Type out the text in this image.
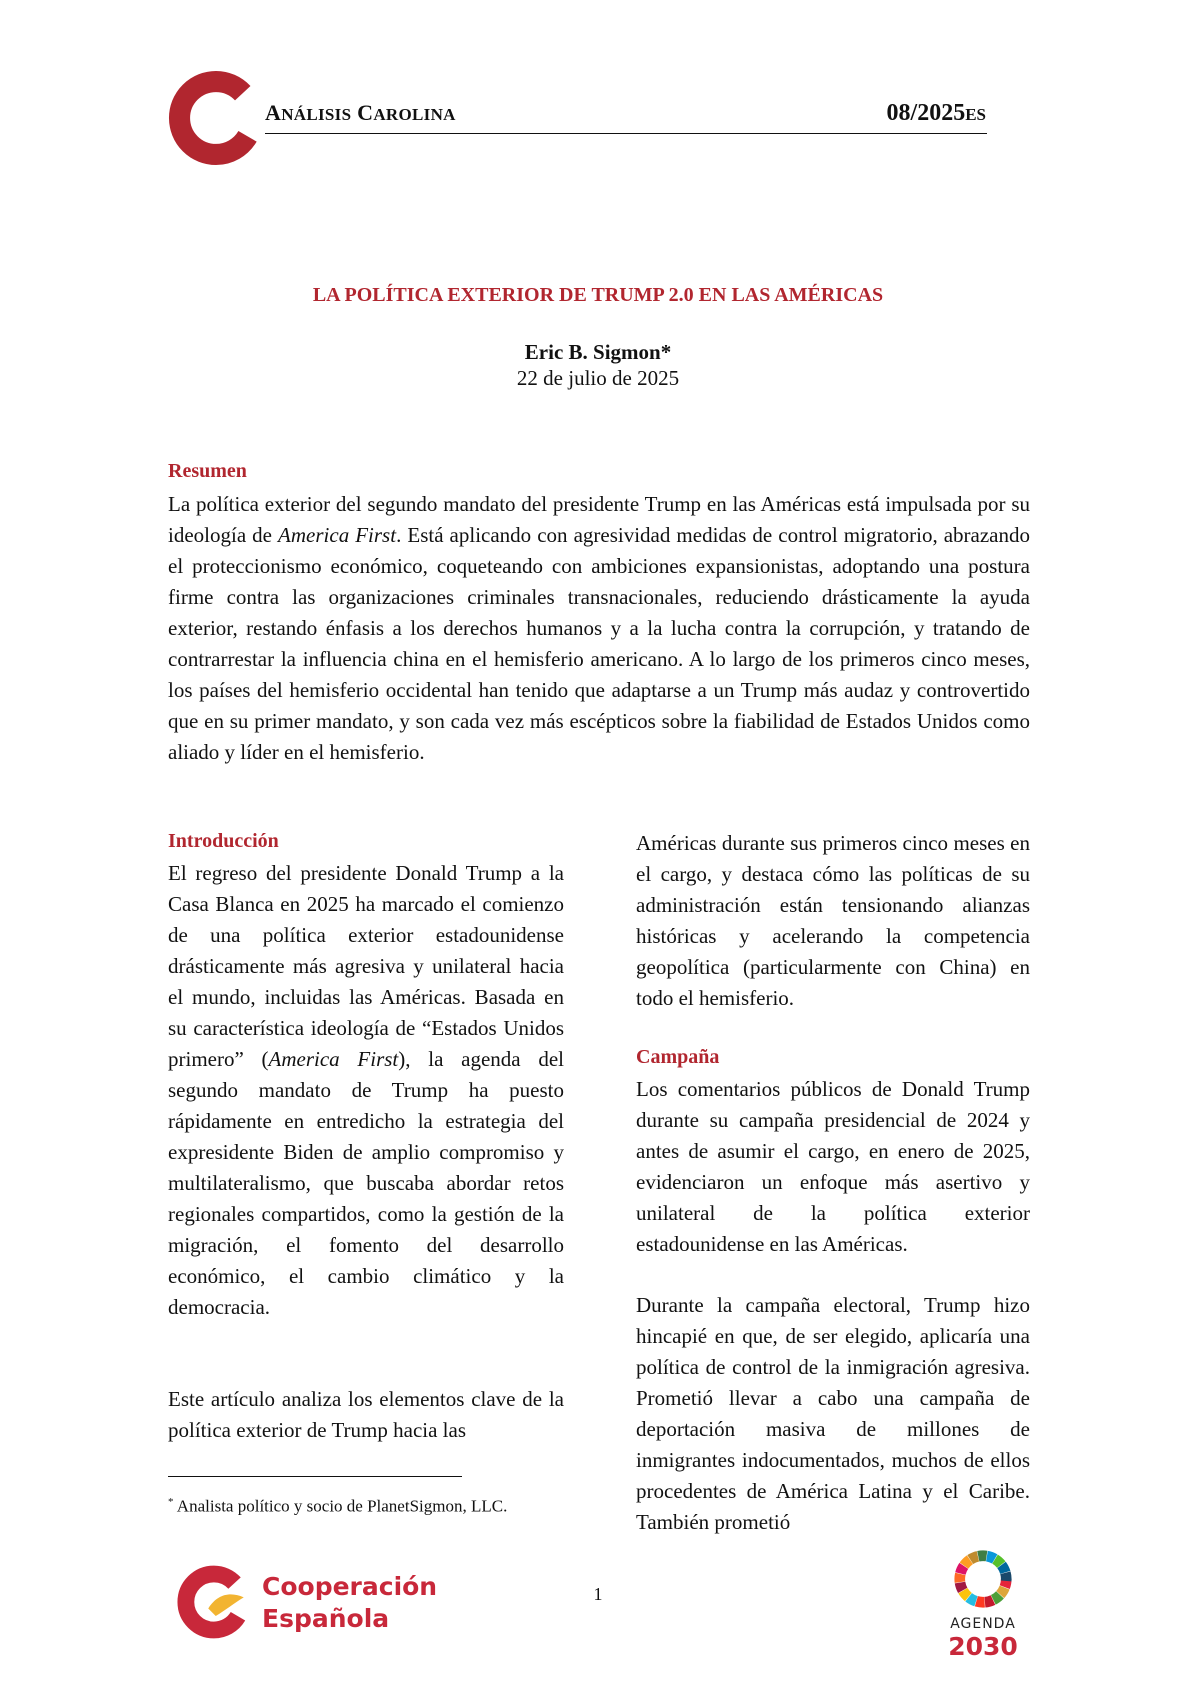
ANÁLISIS CAROLINA	08/2025ES
LA POLÍTICA EXTERIOR DE TRUMP 2.0 EN LAS AMÉRICAS
Eric B. Sigmon*
22 de julio de 2025
Resumen
La política exterior del segundo mandato del presidente Trump en las Américas está impulsada por su ideología de America First. Está aplicando con agresividad medidas de control migratorio, abrazando el proteccionismo económico, coqueteando con ambiciones expansionistas, adoptando una postura firme contra las organizaciones criminales transnacionales, reduciendo drásticamente la ayuda exterior, restando énfasis a los derechos humanos y a la lucha contra la corrupción, y tratando de contrarrestar la influencia china en el hemisferio americano. A lo largo de los primeros cinco meses, los países del hemisferio occidental han tenido que adaptarse a un Trump más audaz y controvertido que en su primer mandato, y son cada vez más escépticos sobre la fiabilidad de Estados Unidos como aliado y líder en el hemisferio.
Introducción
El regreso del presidente Donald Trump a la Casa Blanca en 2025 ha marcado el comienzo de una política exterior estadounidense drásticamente más agresiva y unilateral hacia el mundo, incluidas las Américas. Basada en su característica ideología de “Estados Unidos primero” (America First), la agenda del segundo mandato de Trump ha puesto rápidamente en entredicho la estrategia del expresidente Biden de amplio compromiso y multilateralismo, que buscaba abordar retos regionales compartidos, como la gestión de la migración, el fomento del desarrollo económico, el cambio climático y la democracia.
Este artículo analiza los elementos clave de la política exterior de Trump hacia las
* Analista político y socio de PlanetSigmon, LLC.
Américas durante sus primeros cinco meses en el cargo, y destaca cómo las políticas de su administración están tensionando alianzas históricas y acelerando la competencia geopolítica (particularmente con China) en todo el hemisferio.
Campaña
Los comentarios públicos de Donald Trump durante su campaña presidencial de 2024 y antes de asumir el cargo, en enero de 2025, evidenciaron un enfoque más asertivo y unilateral de la política exterior estadounidense en las Américas.
Durante la campaña electoral, Trump hizo hincapié en que, de ser elegido, aplicaría una política de control de la inmigración agresiva. Prometió llevar a cabo una campaña de deportación masiva de millones de inmigrantes indocumentados, muchos de ellos procedentes de América Latina y el Caribe. También prometió
Cooperación
Española
1
AGENDA
2030
